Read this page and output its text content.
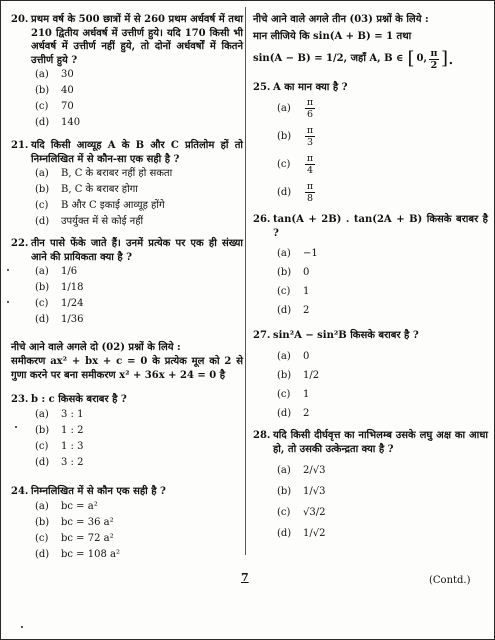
20. प्रथम वर्ष के 500 छात्रों में से 260 प्रथम अर्धवर्ष में तथा 210 द्वितीय अर्धवर्ष में उत्तीर्ण हुये। यदि 170 किसी भी अर्धवर्ष में उत्तीर्ण नहीं हुये, तो दोनों अर्धवर्षों में कितने उत्तीर्ण हुये ?
(a)	30
(b)	40
(c)	70
(d)	140
21. यदि किसी आव्यूह A के B और C प्रतिलोम हों तो निम्नलिखित में से कौन-सा एक सही है ?
(a)	B, C के बराबर नहीं हो सकता
(b)	B, C के बराबर होगा
(c)	B और C इकाई आव्यूह होंगे
(d)	उपर्युक्त में से कोई नहीं
22. तीन पासे फेंके जाते हैं। उनमें प्रत्येक पर एक ही संख्या आने की प्रायिकता क्या है ?
(a)	1/6
(b)	1/18
(c)	1/24
(d)	1/36
नीचे आने वाले अगले दो (02) प्रश्नों के लिये :
समीकरण ax² + bx + c = 0 के प्रत्येक मूल को 2 से गुणा करने पर बना समीकरण x² + 36x + 24 = 0 है
23. b : c किसके बराबर है ?
(a)	3 : 1
(b)	1 : 2
(c)	1 : 3
(d)	3 : 2
24. निम्नलिखित में से कौन एक सही है ?
(a)	bc = a²
(b)	bc = 36 a²
(c)	bc = 72 a²
(d)	bc = 108 a²
नीचे आने वाले अगले तीन (03) प्रश्नों के लिये :
मान लीजिये कि sin(A + B) = 1 तथा
sin(A − B) = 1/2, जहाँ A, B ∈ [ 0, $\frac{\pi}{2}$ ].
25. A का मान क्या है ?
(a)	$\frac{\pi}{6}$
(b)	$\frac{\pi}{3}$
(c)	$\frac{\pi}{4}$
(d)	$\frac{\pi}{8}$
26. tan(A + 2B) . tan(2A + B) किसके बराबर है ?
(a)	−1
(b)	0
(c)	1
(d)	2
27. sin²A − sin²B किसके बराबर है ?
(a)	0
(b)	1/2
(c)	1
(d)	2
28. यदि किसी दीर्घवृत्त का नाभिलम्ब उसके लघु अक्ष का आधा हो, तो उसकी उत्केन्द्रता क्या है ?
(a)	2/√3
(b)	1/√3
(c)	√3/2
(d)	1/√2
7	(Contd.)
